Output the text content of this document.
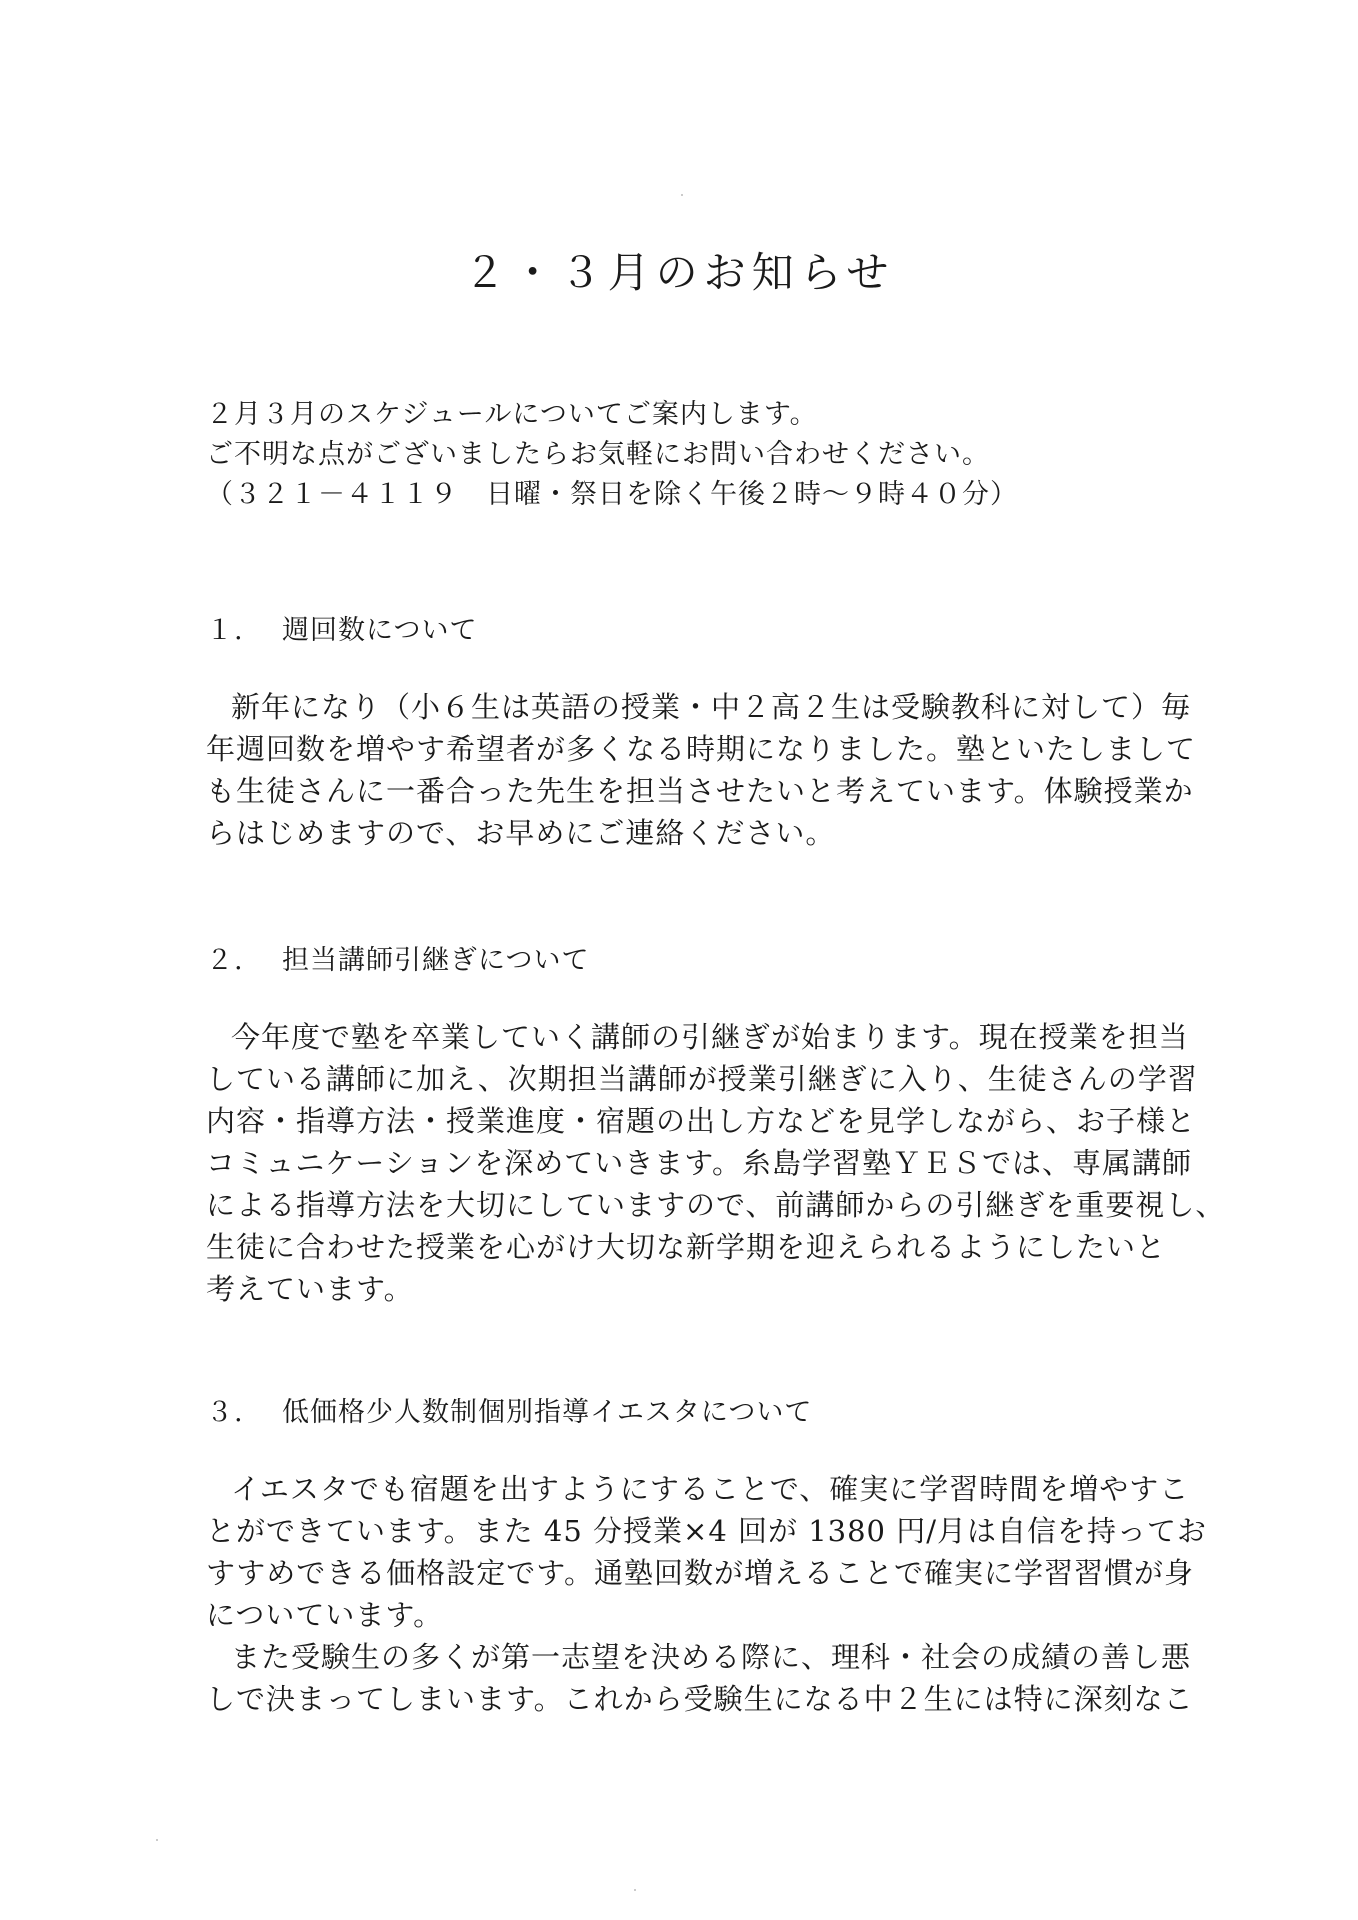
２・３月のお知らせ
２月３月のスケジュールについてご案内します。
ご不明な点がございましたらお気軽にお問い合わせください。
（３２１－４１１９　日曜・祭日を除く午後２時～９時４０分）
１. 週回数について
新年になり（小６生は英語の授業・中２高２生は受験教科に対して）毎
年週回数を増やす希望者が多くなる時期になりました。塾といたしまして
も生徒さんに一番合った先生を担当させたいと考えています。体験授業か
らはじめますので、お早めにご連絡ください。
２. 担当講師引継ぎについて
今年度で塾を卒業していく講師の引継ぎが始まります。現在授業を担当
している講師に加え、次期担当講師が授業引継ぎに入り、生徒さんの学習
内容・指導方法・授業進度・宿題の出し方などを見学しながら、お子様と
コミュニケーションを深めていきます。糸島学習塾ＹＥＳでは、専属講師
による指導方法を大切にしていますので、前講師からの引継ぎを重要視し、
生徒に合わせた授業を心がけ大切な新学期を迎えられるようにしたいと
考えています。
３. 低価格少人数制個別指導イエスタについて
イエスタでも宿題を出すようにすることで、確実に学習時間を増やすこ
とができています。また 45 分授業×4 回が 1380 円/月は自信を持ってお
すすめできる価格設定です。通塾回数が増えることで確実に学習習慣が身
についています。
また受験生の多くが第一志望を決める際に、理科・社会の成績の善し悪
しで決まってしまいます。これから受験生になる中２生には特に深刻なこ
